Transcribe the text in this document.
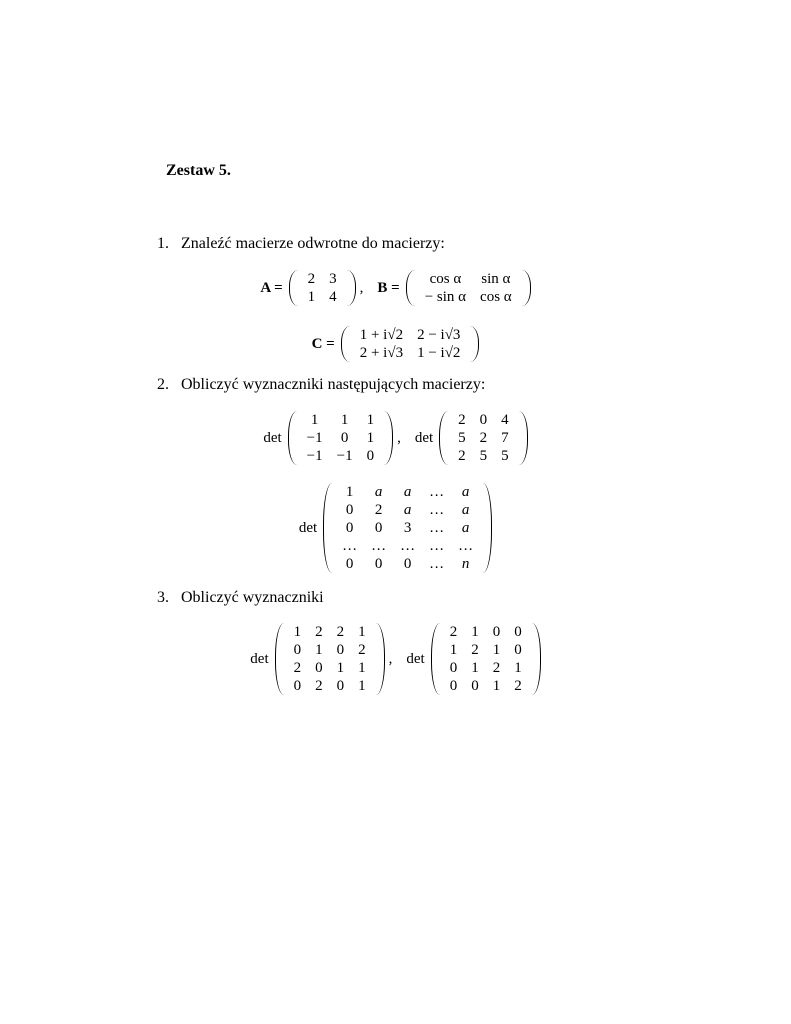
Zestaw 5.
1. Znaleźć macierze odwrotne do macierzy:
A =
2	3
1	4
, B =
cos α	sin α
− sin α	cos α
C =
1 + i√2	2 − i√3
2 + i√3	1 − i√2
2. Obliczyć wyznaczniki następujących macierzy:
det
1	1	1
−1	0	1
−1	−1	0
, det
2	0	4
5	2	7
2	5	5
det
1	a	a	…	a
0	2	a	…	a
0	0	3	…	a
…	…	…	…	…
0	0	0	…	n
3. Obliczyć wyznaczniki
det
1	2	2	1
0	1	0	2
2	0	1	1
0	2	0	1
, det
2	1	0	0
1	2	1	0
0	1	2	1
0	0	1	2
